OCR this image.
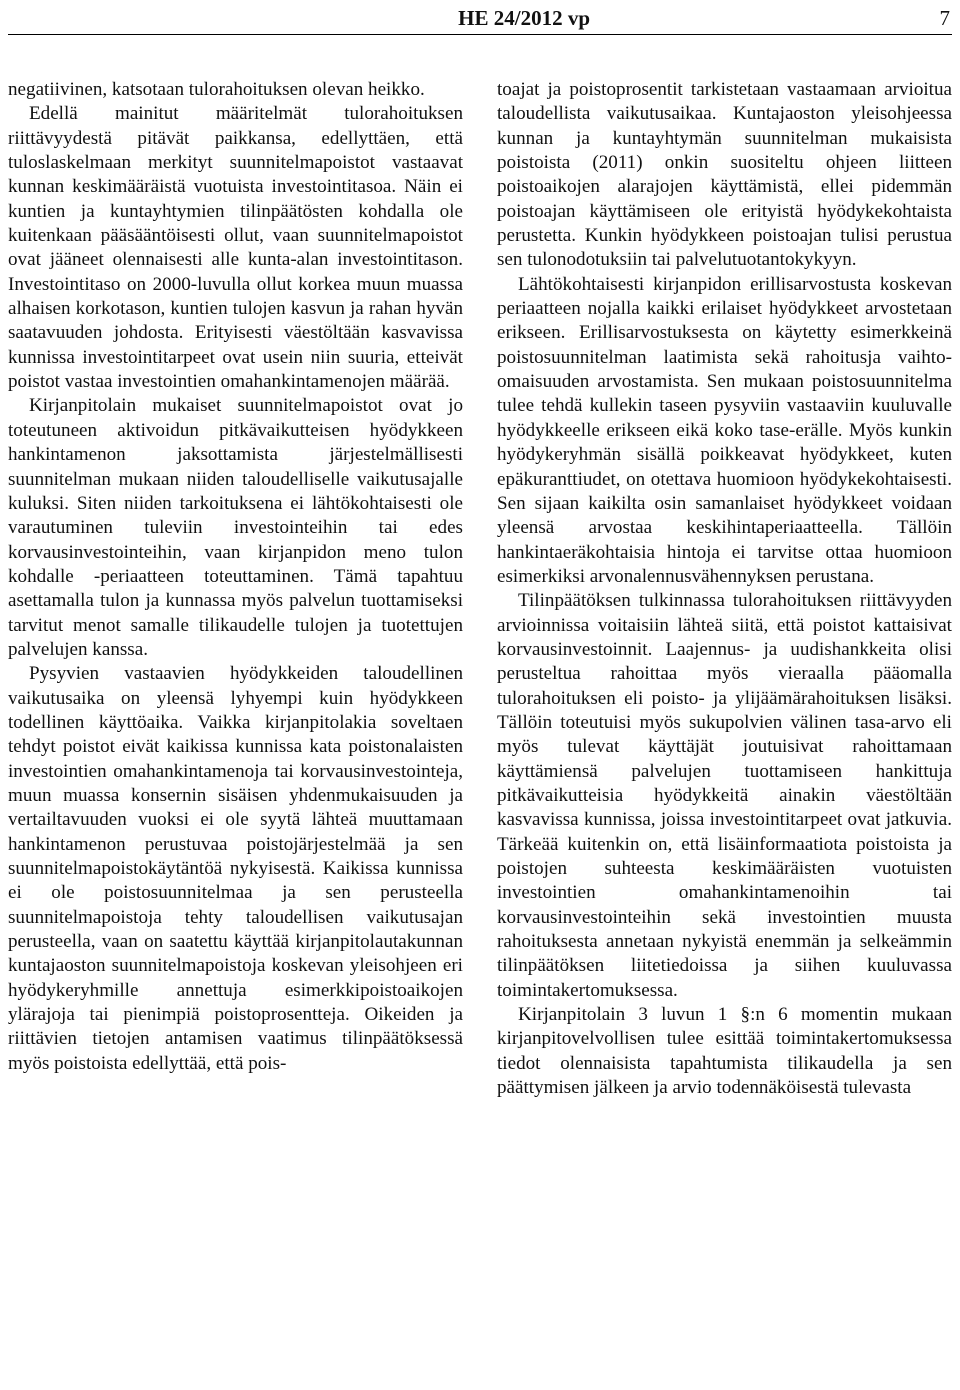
HE 24/2012 vp	7

negatiivinen, katsotaan tulorahoituksen olevan heikko.

Edellä mainitut määritelmät tulorahoituksen riittävyydestä pitävät paikkansa, edellyttäen, että tuloslaskelmaan merkityt suunnitelmapoistot vastaavat kunnan keskimääräistä vuotuista investointitasoa. Näin ei kuntien ja kuntayhtymien tilinpäätösten kohdalla ole kuitenkaan pääsääntöisesti ollut, vaan suunnitelmapoistot ovat jääneet olennaisesti alle kunta-alan investointitason. Investointitaso on 2000-luvulla ollut korkea muun muassa alhaisen korkotason, kuntien tulojen kasvun ja rahan hyvän saatavuuden johdosta. Erityisesti väestöltään kasvavissa kunnissa investointitarpeet ovat usein niin suuria, etteivät poistot vastaa investointien omahankintamenojen määrää.

Kirjanpitolain mukaiset suunnitelmapoistot ovat jo toteutuneen aktivoidun pitkävaikutteisen hyödykkeen hankintamenon jaksottamista järjestelmällisesti suunnitelman mukaan niiden taloudelliselle vaikutusajalle kuluksi. Siten niiden tarkoituksena ei lähtökohtaisesti ole varautuminen tuleviin investointeihin tai edes korvausinvestointeihin, vaan kirjanpidon meno tulon kohdalle -periaatteen toteuttaminen. Tämä tapahtuu asettamalla tulon ja kunnassa myös palvelun tuottamiseksi tarvitut menot samalle tilikaudelle tulojen ja tuotettujen palvelujen kanssa.

Pysyvien vastaavien hyödykkeiden taloudellinen vaikutusaika on yleensä lyhyempi kuin hyödykkeen todellinen käyttöaika. Vaikka kirjanpitolakia soveltaen tehdyt poistot eivät kaikissa kunnissa kata poistonalaisten investointien omahankintamenoja tai korvausinvestointeja, muun muassa konsernin sisäisen yhdenmukaisuuden ja vertailtavuuden vuoksi ei ole syytä lähteä muuttamaan hankintamenon perustuvaa poistojärjestelmää ja sen suunnitelmapoistokäytäntöä nykyisestä. Kaikissa kunnissa ei ole poistosuunnitelmaa ja sen perusteella suunnitelmapoistoja tehty taloudellisen vaikutusajan perusteella, vaan on saatettu käyttää kirjanpitolautakunnan kuntajaoston suunnitelmapoistoja koskevan yleisohjeen eri hyödykeryhmille annettuja esimerkkipoistoaikojen ylärajoja tai pienimpiä poistoprosentteja. Oikeiden ja riittävien tietojen antamisen vaatimus tilinpäätöksessä myös poistoista edellyttää, että pois-

toajat ja poistoprosentit tarkistetaan vastaamaan arvioitua taloudellista vaikutusaikaa. Kuntajaoston yleisohjeessa kunnan ja kuntayhtymän suunnitelman mukaisista poistoista (2011) onkin suositeltu ohjeen liitteen poistoaikojen alarajojen käyttämistä, ellei pidemmän poistoajan käyttämiseen ole erityistä hyödykekohtaista perustetta. Kunkin hyödykkeen poistoajan tulisi perustua sen tulonodotuksiin tai palvelutuotantokykyyn.

Lähtökohtaisesti kirjanpidon erillisarvostusta koskevan periaatteen nojalla kaikki erilaiset hyödykkeet arvostetaan erikseen. Erillisarvostuksesta on käytetty esimerkkeinä poistosuunnitelman laatimista sekä rahoitusja vaihto-omaisuuden arvostamista. Sen mukaan poistosuunnitelma tulee tehdä kullekin taseen pysyviin vastaaviin kuuluvalle hyödykkeelle erikseen eikä koko tase-erälle. Myös kunkin hyödykeryhmän sisällä poikkeavat hyödykkeet, kuten epäkuranttiudet, on otettava huomioon hyödykekohtaisesti. Sen sijaan kaikilta osin samanlaiset hyödykkeet voidaan yleensä arvostaa keskihintaperiaatteella. Tällöin hankintaeräkohtaisia hintoja ei tarvitse ottaa huomioon esimerkiksi arvonalennusvähennyksen perustana.

Tilinpäätöksen tulkinnassa tulorahoituksen riittävyyden arvioinnissa voitaisiin lähteä siitä, että poistot kattaisivat korvausinvestoinnit. Laajennus- ja uudishankkeita olisi perusteltua rahoittaa myös vieraalla pääomalla tulorahoituksen eli poisto- ja ylijäämärahoituksen lisäksi. Tällöin toteutuisi myös sukupolvien välinen tasa-arvo eli myös tulevat käyttäjät joutuisivat rahoittamaan käyttämiensä palvelujen tuottamiseen hankittuja pitkävaikutteisia hyödykkeitä ainakin väestöltään kasvavissa kunnissa, joissa investointitarpeet ovat jatkuvia. Tärkeää kuitenkin on, että lisäinformaatiota poistoista ja poistojen suhteesta keskimääräisten vuotuisten investointien omahankintamenoihin tai korvausinvestointeihin sekä investointien muusta rahoituksesta annetaan nykyistä enemmän ja selkeämmin tilinpäätöksen liitetiedoissa ja siihen kuuluvassa toimintakertomuksessa.

Kirjanpitolain 3 luvun 1 §:n 6 momentin mukaan kirjanpitovelvollisen tulee esittää toimintakertomuksessa tiedot olennaisista tapahtumista tilikaudella ja sen päättymisen jälkeen ja arvio todennäköisestä tulevasta
